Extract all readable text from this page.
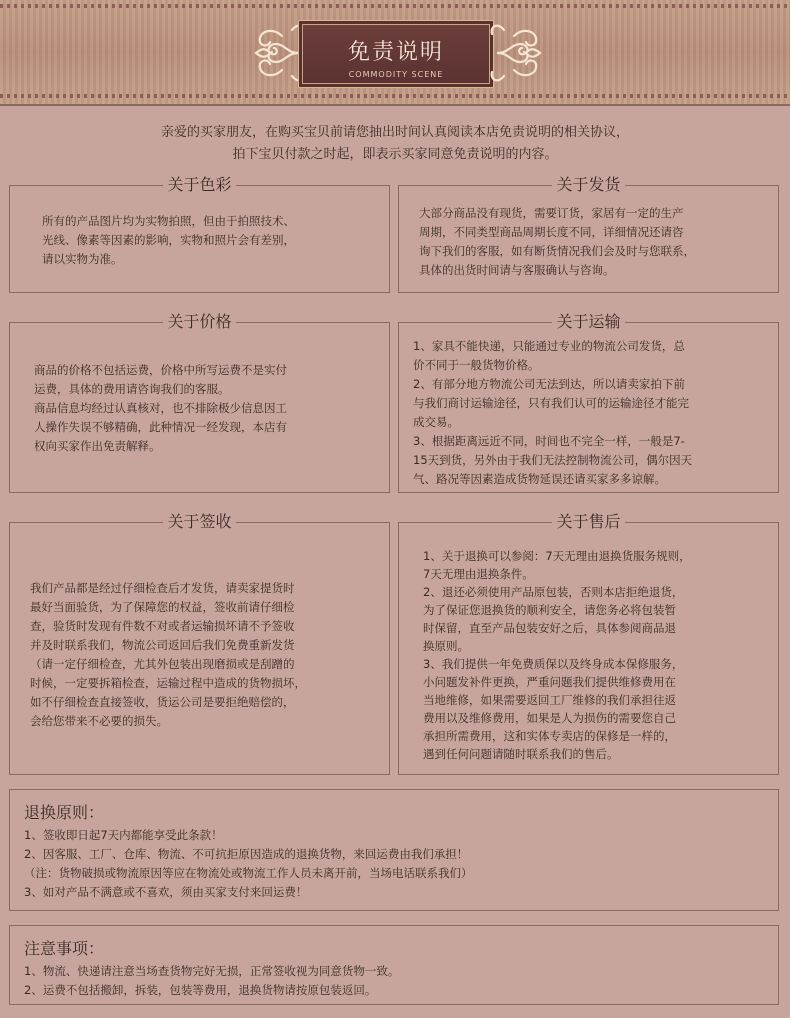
免责说明
COMMODITY SCENE
亲爱的买家朋友，在购买宝贝前请您抽出时间认真阅读本店免责说明的相关协议，
拍下宝贝付款之时起，即表示买家同意免责说明的内容。
关于色彩
所有的产品图片均为实物拍照，但由于拍照技术、
光线、像素等因素的影响，实物和照片会有差别，
请以实物为准。
关于发货
大部分商品没有现货，需要订货，家居有一定的生产
周期，不同类型商品周期长度不同，详细情况还请咨
询下我们的客服，如有断货情况我们会及时与您联系，
具体的出货时间请与客服确认与咨询。
关于价格
商品的价格不包括运费，价格中所写运费不是实付
运费，具体的费用请咨询我们的客服。
商品信息均经过认真核对，也不排除极少信息因工
人操作失误不够精确，此种情况一经发现，本店有
权向买家作出免责解释。
关于运输
1、家具不能快递，只能通过专业的物流公司发货，总
价不同于一般货物价格。
2、有部分地方物流公司无法到达，所以请卖家拍下前
与我们商讨运输途径，只有我们认可的运输途径才能完
成交易。
3、根据距离远近不同，时间也不完全一样，一般是7-
15天到货，另外由于我们无法控制物流公司，偶尔因天
气、路况等因素造成货物延误还请买家多多谅解。
关于签收
我们产品都是经过仔细检查后才发货，请卖家提货时
最好当面验货，为了保障您的权益，签收前请仔细检
查，验货时发现有件数不对或者运输损坏请不予签收
并及时联系我们，物流公司返回后我们免费重新发货
（请一定仔细检查，尤其外包装出现磨损或是刮蹭的
时候，一定要拆箱检查，运输过程中造成的货物损坏，
如不仔细检查直接签收，货运公司是要拒绝赔偿的，
会给您带来不必要的损失。
关于售后
1、关于退换可以参阅：7天无理由退换货服务规则，
7天无理由退换条件。
2、退还必须使用产品原包装，否则本店拒绝退货，
为了保证您退换货的顺利安全，请您务必将包装暂
时保留，直至产品包装安好之后，具体参阅商品退
换原则。
3、我们提供一年免费质保以及终身成本保修服务，
小问题发补件更换，严重问题我们提供维修费用在
当地维修，如果需要返回工厂维修的我们承担往返
费用以及维修费用，如果是人为损伤的需要您自己
承担所需费用，这和实体专卖店的保修是一样的，
遇到任何问题请随时联系我们的售后。
退换原则：
1、签收即日起7天内都能享受此条款！
2、因客服、工厂、仓库、物流、不可抗拒原因造成的退换货物，来回运费由我们承担！
（注：货物破损或物流原因等应在物流处或物流工作人员未离开前，当场电话联系我们）
3、如对产品不满意或不喜欢，须由买家支付来回运费！
注意事项：
1、物流、快递请注意当场查货物完好无损，正常签收视为同意货物一致。
2、运费不包括搬卸，拆装，包装等费用，退换货物请按原包装返回。
